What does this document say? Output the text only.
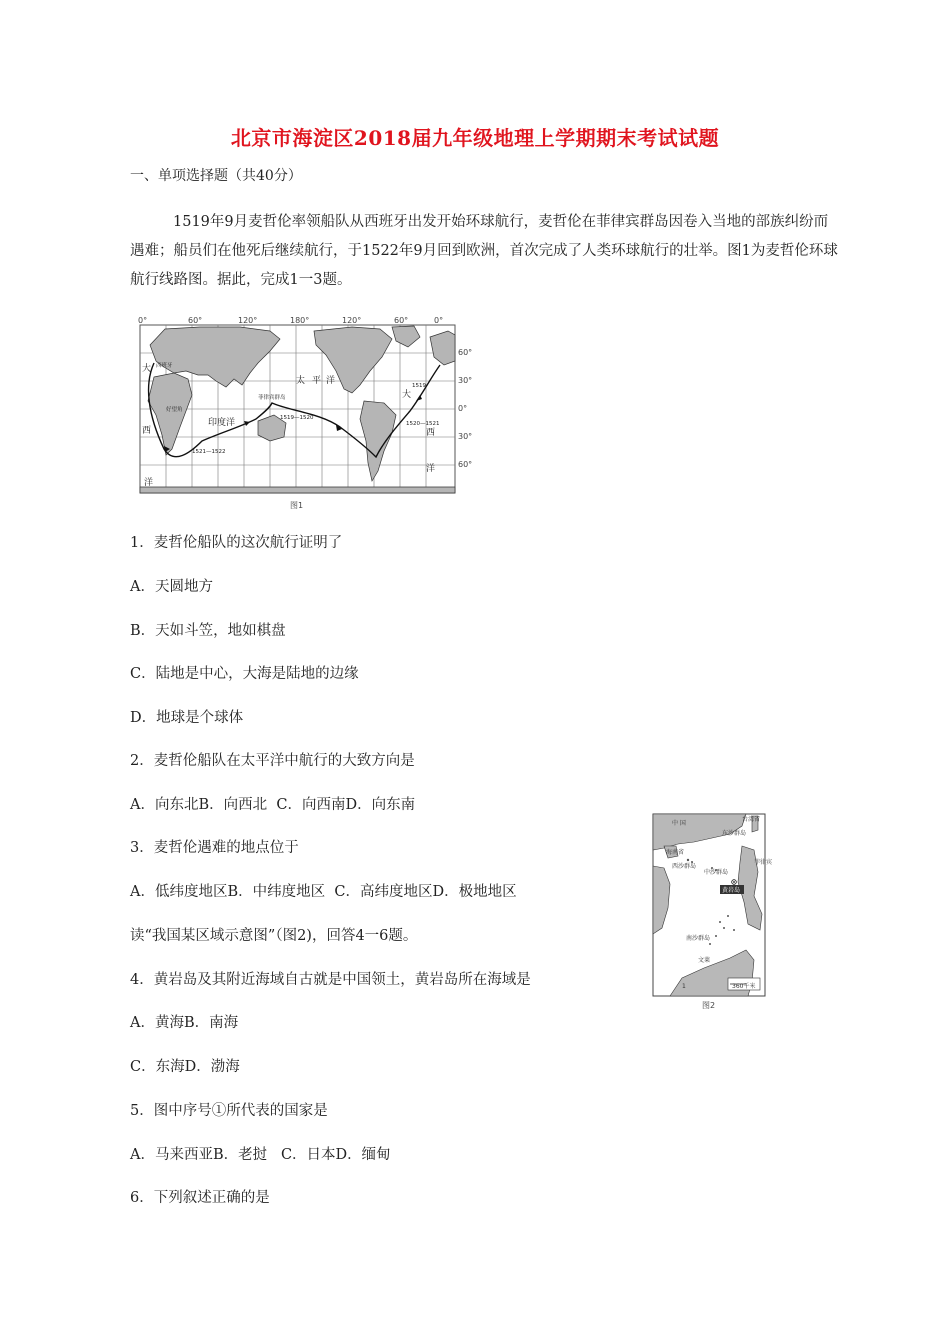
北京市海淀区2018届九年级地理上学期期末考试试题
一、单项选择题（共40分）

1519年9月麦哲伦率领船队从西班牙出发开始环球航行，麦哲伦在菲律宾群岛因卷入当地的部族纠纷而遇难；船员们在他死后继续航行，于1522年9月回到欧洲，首次完成了人类环球航行的壮举。图1为麦哲伦环球航行线路图。据此，完成1一3题。

0°	60°	120°	180°	120°	60°	0°
60°
30°
0°
30°
60°
太 平 洋
印度洋
大
西
洋
大
西
洋
西班牙
菲律宾群岛
好望角
1521—1522
1520—1521
1519—1520
1519
图1
1．麦哲伦船队的这次航行证明了
A．天圆地方
B．天如斗笠，地如棋盘
C．陆地是中心，大海是陆地的边缘
D．地球是个球体
2．麦哲伦船队在太平洋中航行的大致方向是
A．向东北B．向西北  C．向西南D．向东南
3．麦哲伦遇难的地点位于
A．低纬度地区B．中纬度地区  C．高纬度地区D．极地地区
读“我国某区域示意图”（图2)，回答4一6题。
4．黄岩岛及其附近海域自古就是中国领土，黄岩岛所在海域是
A．黄海B．南海
C．东海D．渤海
5．图中序号①所代表的国家是
A．马来西亚B．老挝   C．日本D．缅甸
6．下列叙述正确的是
中 国
台湾省
海南省
东沙群岛
西沙群岛
中沙群岛
黄岩岛
南沙群岛
菲律宾
文莱
1	360千米
图2
